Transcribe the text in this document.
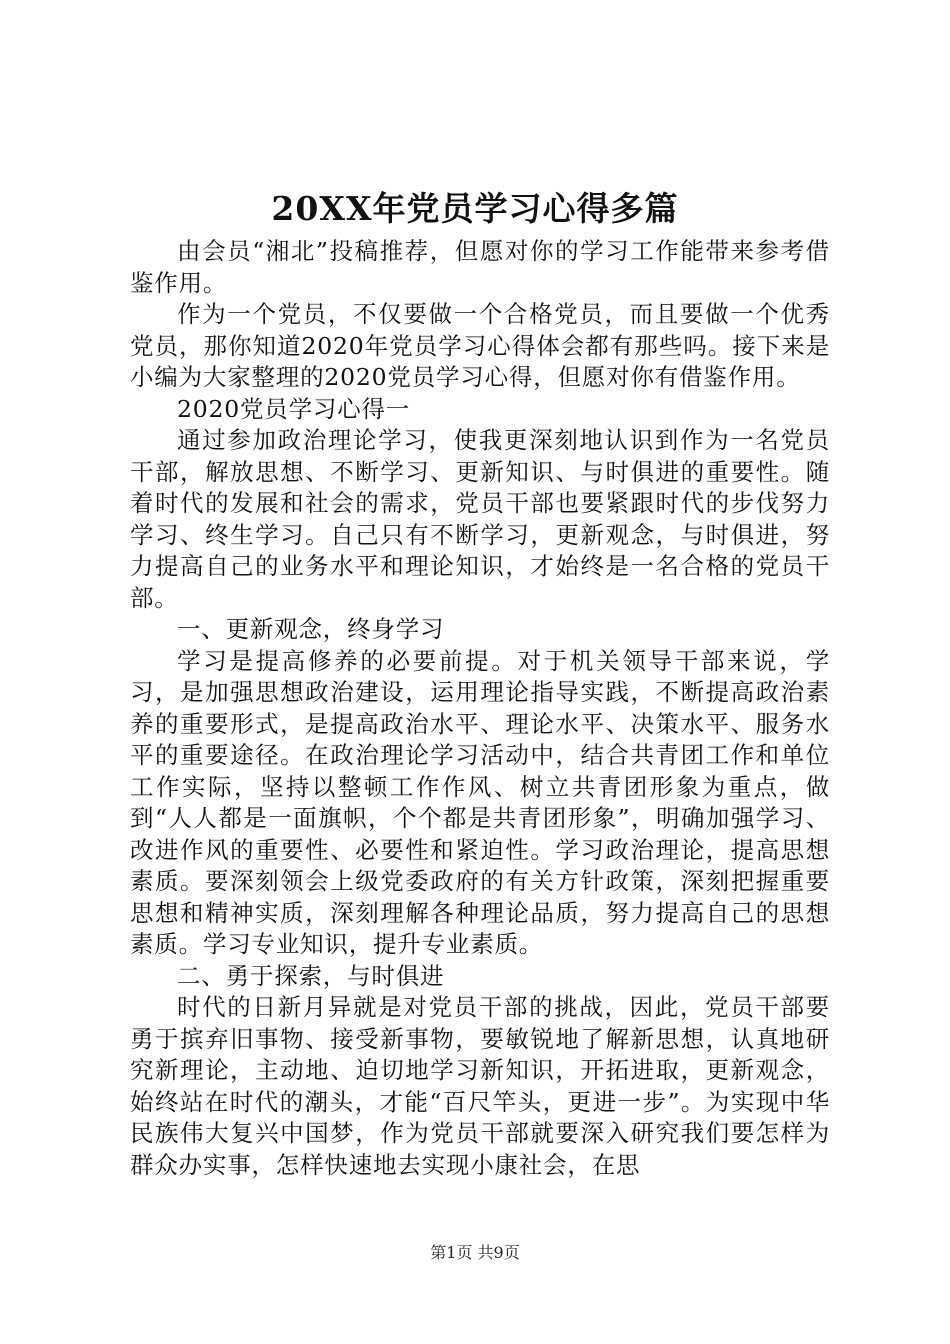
20XX年党员学习心得多篇

由会员“湘北”投稿推荐，但愿对你的学习工作能带来参考借鉴作用。

作为一个党员，不仅要做一个合格党员，而且要做一个优秀党员，那你知道2020年党员学习心得体会都有那些吗。接下来是小编为大家整理的2020党员学习心得，但愿对你有借鉴作用。

2020党员学习心得一

通过参加政治理论学习，使我更深刻地认识到作为一名党员干部，解放思想、不断学习、更新知识、与时俱进的重要性。随着时代的发展和社会的需求，党员干部也要紧跟时代的步伐努力学习、终生学习。自己只有不断学习，更新观念，与时俱进，努力提高自己的业务水平和理论知识，才始终是一名合格的党员干部。

一、更新观念，终身学习

学习是提高修养的必要前提。对于机关领导干部来说，学习，是加强思想政治建设，运用理论指导实践，不断提高政治素养的重要形式，是提高政治水平、理论水平、决策水平、服务水平的重要途径。在政治理论学习活动中，结合共青团工作和单位工作实际，坚持以整顿工作作风、树立共青团形象为重点，做到“人人都是一面旗帜，个个都是共青团形象”，明确加强学习、改进作风的重要性、必要性和紧迫性。学习政治理论，提高思想素质。要深刻领会上级党委政府的有关方针政策，深刻把握重要思想和精神实质，深刻理解各种理论品质，努力提高自己的思想素质。学习专业知识，提升专业素质。

二、勇于探索，与时俱进

时代的日新月异就是对党员干部的挑战，因此，党员干部要勇于摈弃旧事物、接受新事物，要敏锐地了解新思想，认真地研究新理论，主动地、迫切地学习新知识，开拓进取，更新观念，始终站在时代的潮头，才能“百尺竿头，更进一步”。为实现中华民族伟大复兴中国梦，作为党员干部就要深入研究我们要怎样为群众办实事，怎样快速地去实现小康社会，在思

第1页 共9页
